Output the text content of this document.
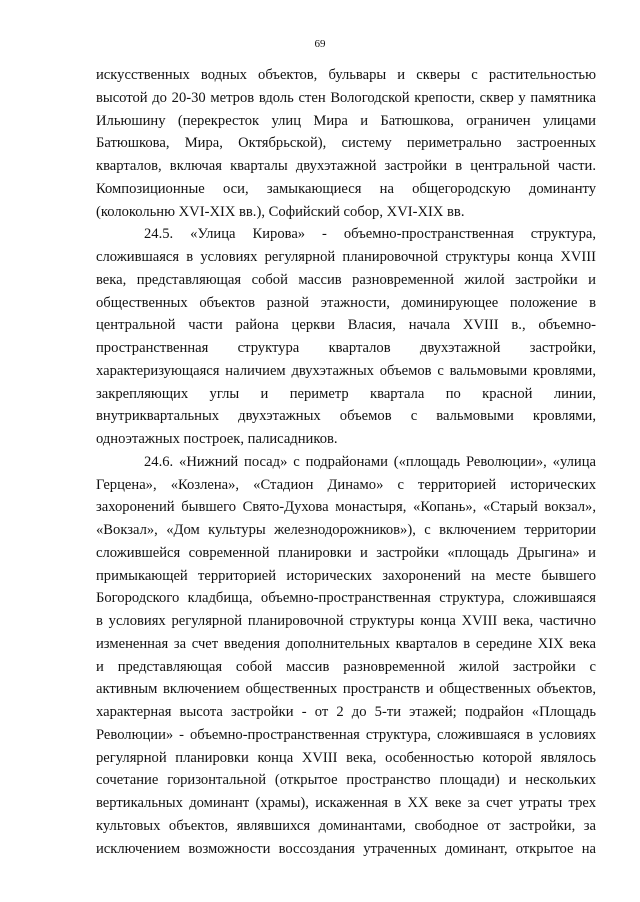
69
искусственных водных объектов, бульвары и скверы с растительностью
высотой до 20-30 метров вдоль стен Вологодской крепости, сквер у памятника
Ильюшину (перекресток улиц Мира и Батюшкова, ограничен улицами
Батюшкова, Мира, Октябрьской), систему периметрально застроенных
кварталов, включая кварталы двухэтажной застройки в центральной части.
Композиционные оси, замыкающиеся на общегородскую доминанту
(колокольню XVI-XIX вв.), Софийский собор, XVI-XIX вв.
24.5. «Улица Кирова» - объемно-пространственная структура,
сложившаяся в условиях регулярной планировочной структуры конца XVIII
века, представляющая собой массив разновременной жилой застройки и
общественных объектов разной этажности, доминирующее положение в
центральной части района церкви Власия, начала XVIII в., объемно-
пространственная структура кварталов двухэтажной застройки,
характеризующаяся наличием двухэтажных объемов с вальмовыми кровлями,
закрепляющих углы и периметр квартала по красной линии,
внутриквартальных двухэтажных объемов с вальмовыми кровлями,
одноэтажных построек, палисадников.
24.6. «Нижний посад» с подрайонами («площадь Революции», «улица
Герцена», «Козлена», «Стадион Динамо» с территорией исторических
захоронений бывшего Свято-Духова монастыря, «Копань», «Старый вокзал»,
«Вокзал», «Дом культуры железнодорожников»), с включением территории
сложившейся современной планировки и застройки «площадь Дрыгина» и
примыкающей территорией исторических захоронений на месте бывшего
Богородского кладбища, объемно-пространственная структура, сложившаяся
в условиях регулярной планировочной структуры конца XVIII века, частично
измененная за счет введения дополнительных кварталов в середине XIX века
и представляющая собой массив разновременной жилой застройки с
активным включением общественных пространств и общественных объектов,
характерная высота застройки - от 2 до 5-ти этажей; подрайон «Площадь
Революции» - объемно-пространственная структура, сложившаяся в условиях
регулярной планировки конца XVIII века, особенностью которой являлось
сочетание горизонтальной (открытое пространство площади) и нескольких
вертикальных доминант (храмы), искаженная в XX веке за счет утраты трех
культовых объектов, являвшихся доминантами, свободное от застройки, за
исключением возможности воссоздания утраченных доминант, открытое на
